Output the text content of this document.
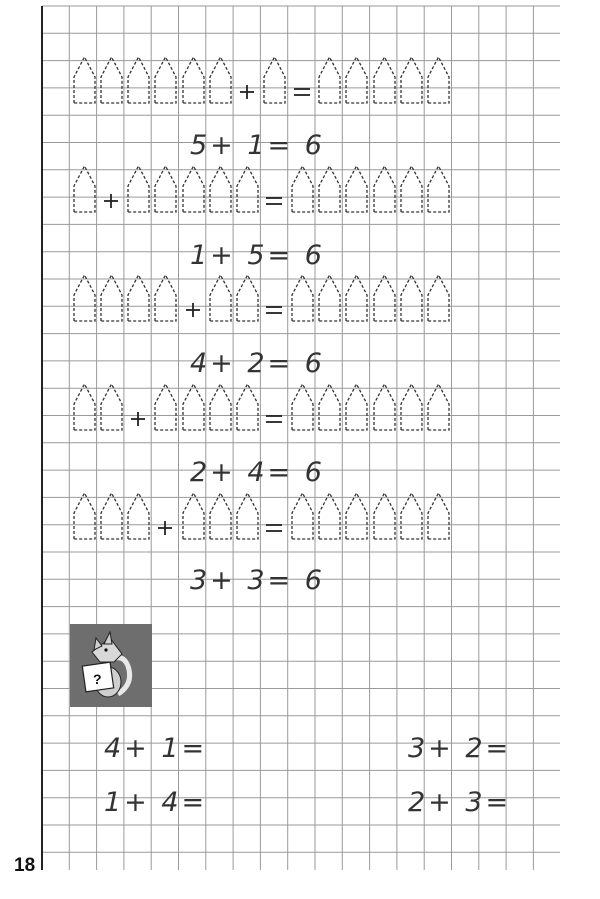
18
5+ 1= 6
1+ 5= 6
4+ 2= 6
2+ 4= 6
3+ 3= 6
?
4+ 1=
1+ 4=
3+ 2=
2+ 3=
